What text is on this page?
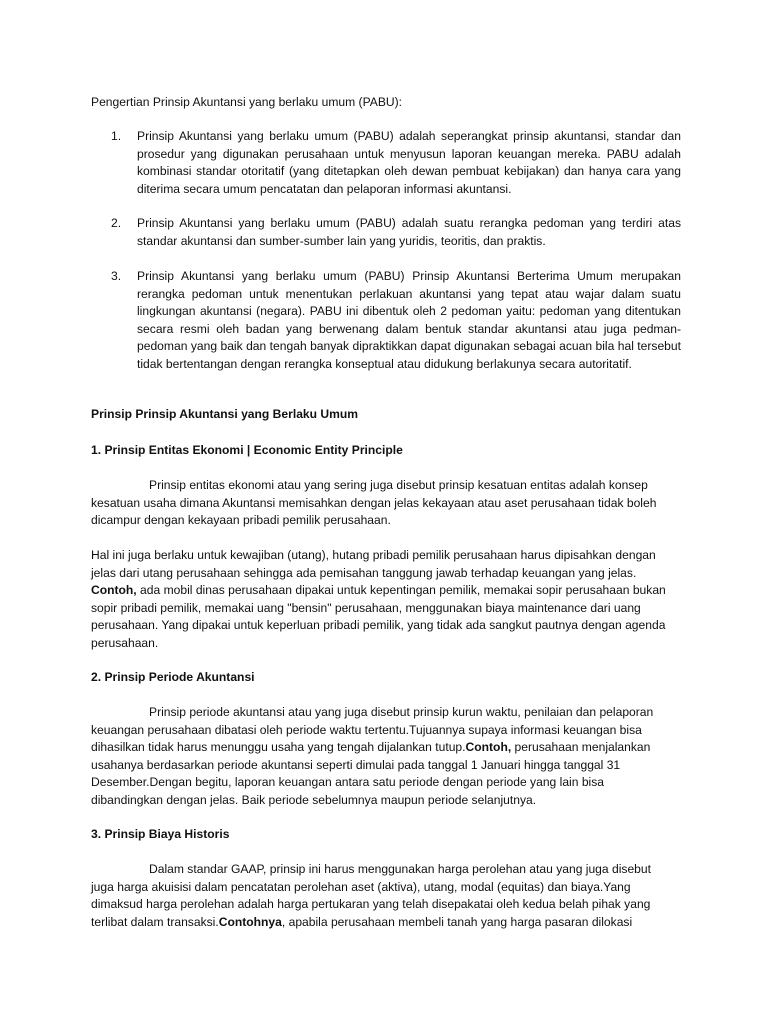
Pengertian Prinsip Akuntansi yang berlaku umum (PABU):

1.	Prinsip Akuntansi yang berlaku umum (PABU) adalah seperangkat prinsip akuntansi, standar dan prosedur yang digunakan perusahaan untuk menyusun laporan keuangan mereka. PABU adalah kombinasi standar otoritatif (yang ditetapkan oleh dewan pembuat kebijakan) dan hanya cara yang diterima secara umum pencatatan dan pelaporan informasi akuntansi.

2.	Prinsip Akuntansi yang berlaku umum (PABU) adalah suatu rerangka pedoman yang terdiri atas standar akuntansi dan sumber-sumber lain yang yuridis, teoritis, dan praktis.

3.	Prinsip Akuntansi yang berlaku umum (PABU) Prinsip Akuntansi Berterima Umum merupakan rerangka pedoman untuk menentukan perlakuan akuntansi yang tepat atau wajar dalam suatu lingkungan akuntansi (negara). PABU ini dibentuk oleh 2 pedoman yaitu: pedoman yang ditentukan secara resmi oleh badan yang berwenang dalam bentuk standar akuntansi atau juga pedman-pedoman yang baik dan tengah banyak dipraktikkan dapat digunakan sebagai acuan bila hal tersebut tidak bertentangan dengan rerangka konseptual atau didukung berlakunya secara autoritatif.

Prinsip Prinsip Akuntansi yang Berlaku Umum

1. Prinsip Entitas Ekonomi | Economic Entity Principle

Prinsip entitas ekonomi atau yang sering juga disebut prinsip kesatuan entitas adalah konsep kesatuan usaha dimana Akuntansi memisahkan dengan jelas kekayaan atau aset perusahaan tidak boleh dicampur dengan kekayaan pribadi pemilik perusahaan.

Hal ini juga berlaku untuk kewajiban (utang), hutang pribadi pemilik perusahaan harus dipisahkan dengan jelas dari utang perusahaan sehingga ada pemisahan tanggung jawab terhadap keuangan yang jelas. Contoh, ada mobil dinas perusahaan dipakai untuk kepentingan pemilik, memakai sopir perusahaan bukan sopir pribadi pemilik, memakai uang "bensin" perusahaan, menggunakan biaya maintenance dari uang perusahaan. Yang dipakai untuk keperluan pribadi pemilik, yang tidak ada sangkut pautnya dengan agenda perusahaan.

2. Prinsip Periode Akuntansi

Prinsip periode akuntansi atau yang juga disebut prinsip kurun waktu, penilaian dan pelaporan keuangan perusahaan dibatasi oleh periode waktu tertentu.Tujuannya supaya informasi keuangan bisa dihasilkan tidak harus menunggu usaha yang tengah dijalankan tutup.Contoh, perusahaan menjalankan usahanya berdasarkan periode akuntansi seperti dimulai pada tanggal 1 Januari hingga tanggal 31 Desember.Dengan begitu, laporan keuangan antara satu periode dengan periode yang lain bisa dibandingkan dengan jelas. Baik periode sebelumnya maupun periode selanjutnya.

3. Prinsip Biaya Historis

Dalam standar GAAP, prinsip ini harus menggunakan harga perolehan atau yang juga disebut juga harga akuisisi dalam pencatatan perolehan aset (aktiva), utang, modal (equitas) dan biaya.Yang dimaksud harga perolehan adalah harga pertukaran yang telah disepakatai oleh kedua belah pihak yang terlibat dalam transaksi.Contohnya, apabila perusahaan membeli tanah yang harga pasaran dilokasi
